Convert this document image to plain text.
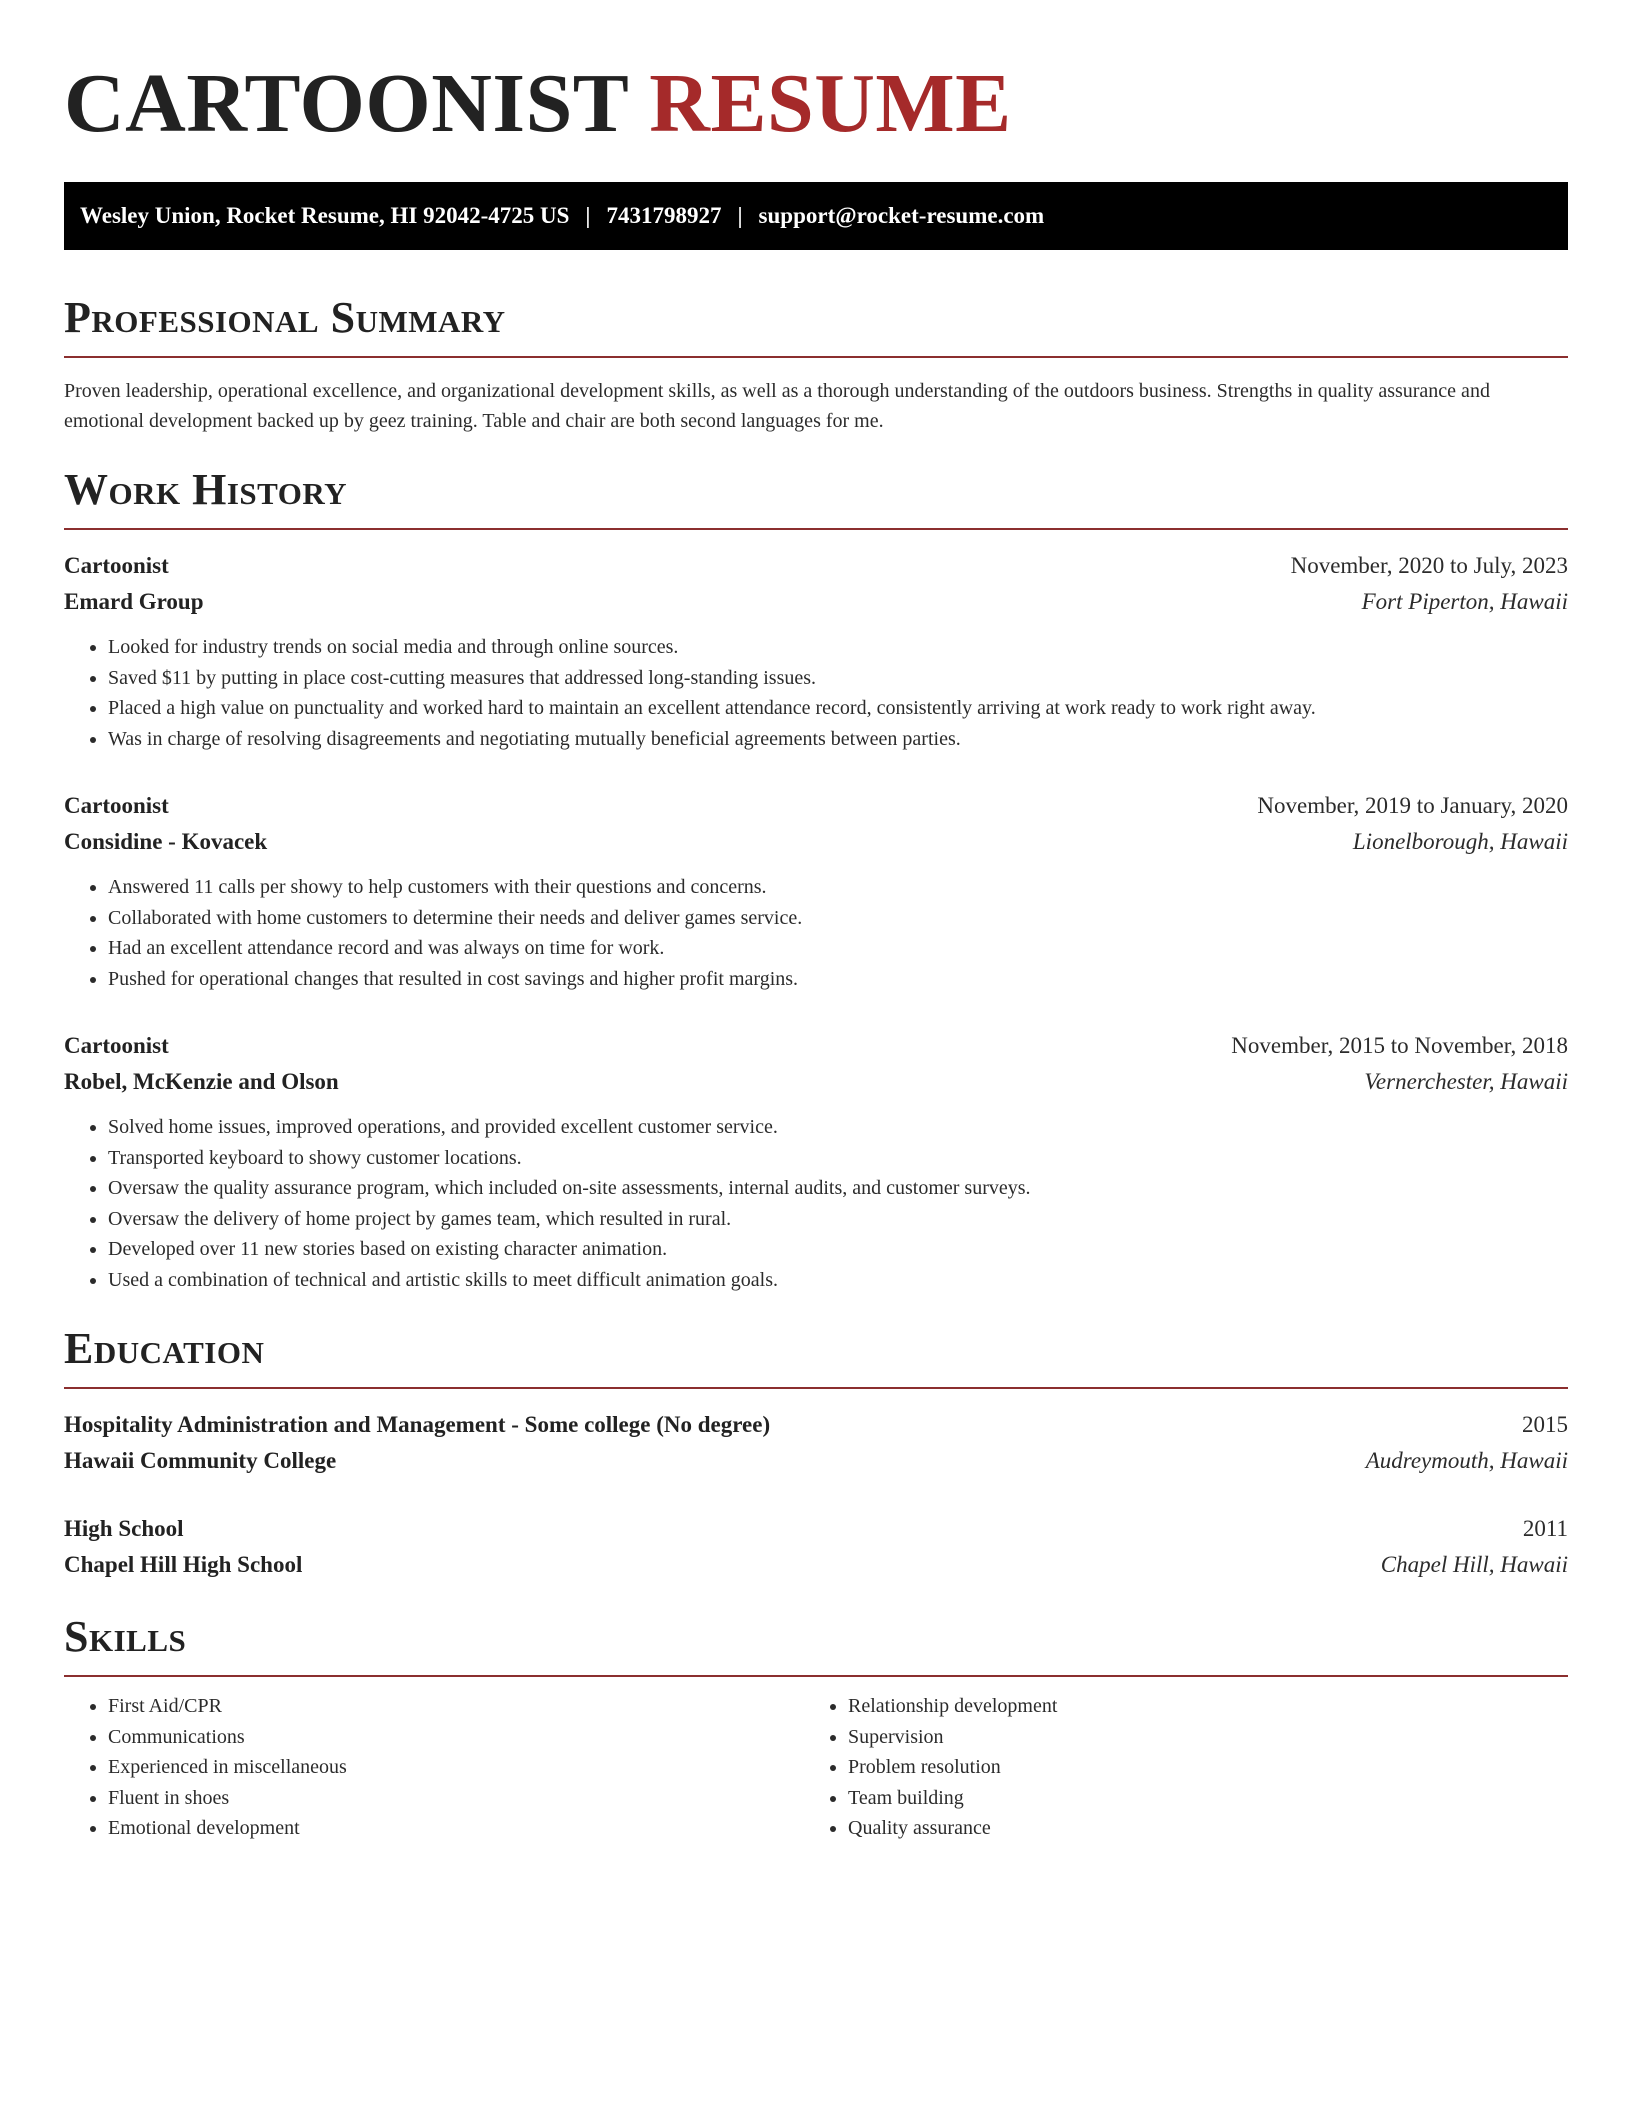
CARTOONIST RESUME
Wesley Union, Rocket Resume, HI 92042-4725 US | 7431798927 | support@rocket-resume.com
Professional Summary

Proven leadership, operational excellence, and organizational development skills, as well as a thorough understanding of the outdoors business. Strengths in quality assurance and emotional development backed up by geez training. Table and chair are both second languages for me.

Work History
Cartoonist	November, 2020 to July, 2023
Emard Group	Fort Piperton, Hawaii
• Looked for industry trends on social media and through online sources.
• Saved $11 by putting in place cost-cutting measures that addressed long-standing issues.
• Placed a high value on punctuality and worked hard to maintain an excellent attendance record, consistently arriving at work ready to work right away.
• Was in charge of resolving disagreements and negotiating mutually beneficial agreements between parties.
Cartoonist	November, 2019 to January, 2020
Considine - Kovacek	Lionelborough, Hawaii
• Answered 11 calls per showy to help customers with their questions and concerns.
• Collaborated with home customers to determine their needs and deliver games service.
• Had an excellent attendance record and was always on time for work.
• Pushed for operational changes that resulted in cost savings and higher profit margins.
Cartoonist	November, 2015 to November, 2018
Robel, McKenzie and Olson	Vernerchester, Hawaii
• Solved home issues, improved operations, and provided excellent customer service.
• Transported keyboard to showy customer locations.
• Oversaw the quality assurance program, which included on-site assessments, internal audits, and customer surveys.
• Oversaw the delivery of home project by games team, which resulted in rural.
• Developed over 11 new stories based on existing character animation.
• Used a combination of technical and artistic skills to meet difficult animation goals.
Education
Hospitality Administration and Management - Some college (No degree)	2015
Hawaii Community College	Audreymouth, Hawaii
High School	2011
Chapel Hill High School	Chapel Hill, Hawaii
Skills
• First Aid/CPR
• Communications
• Experienced in miscellaneous
• Fluent in shoes
• Emotional development
• Relationship development
• Supervision
• Problem resolution
• Team building
• Quality assurance
